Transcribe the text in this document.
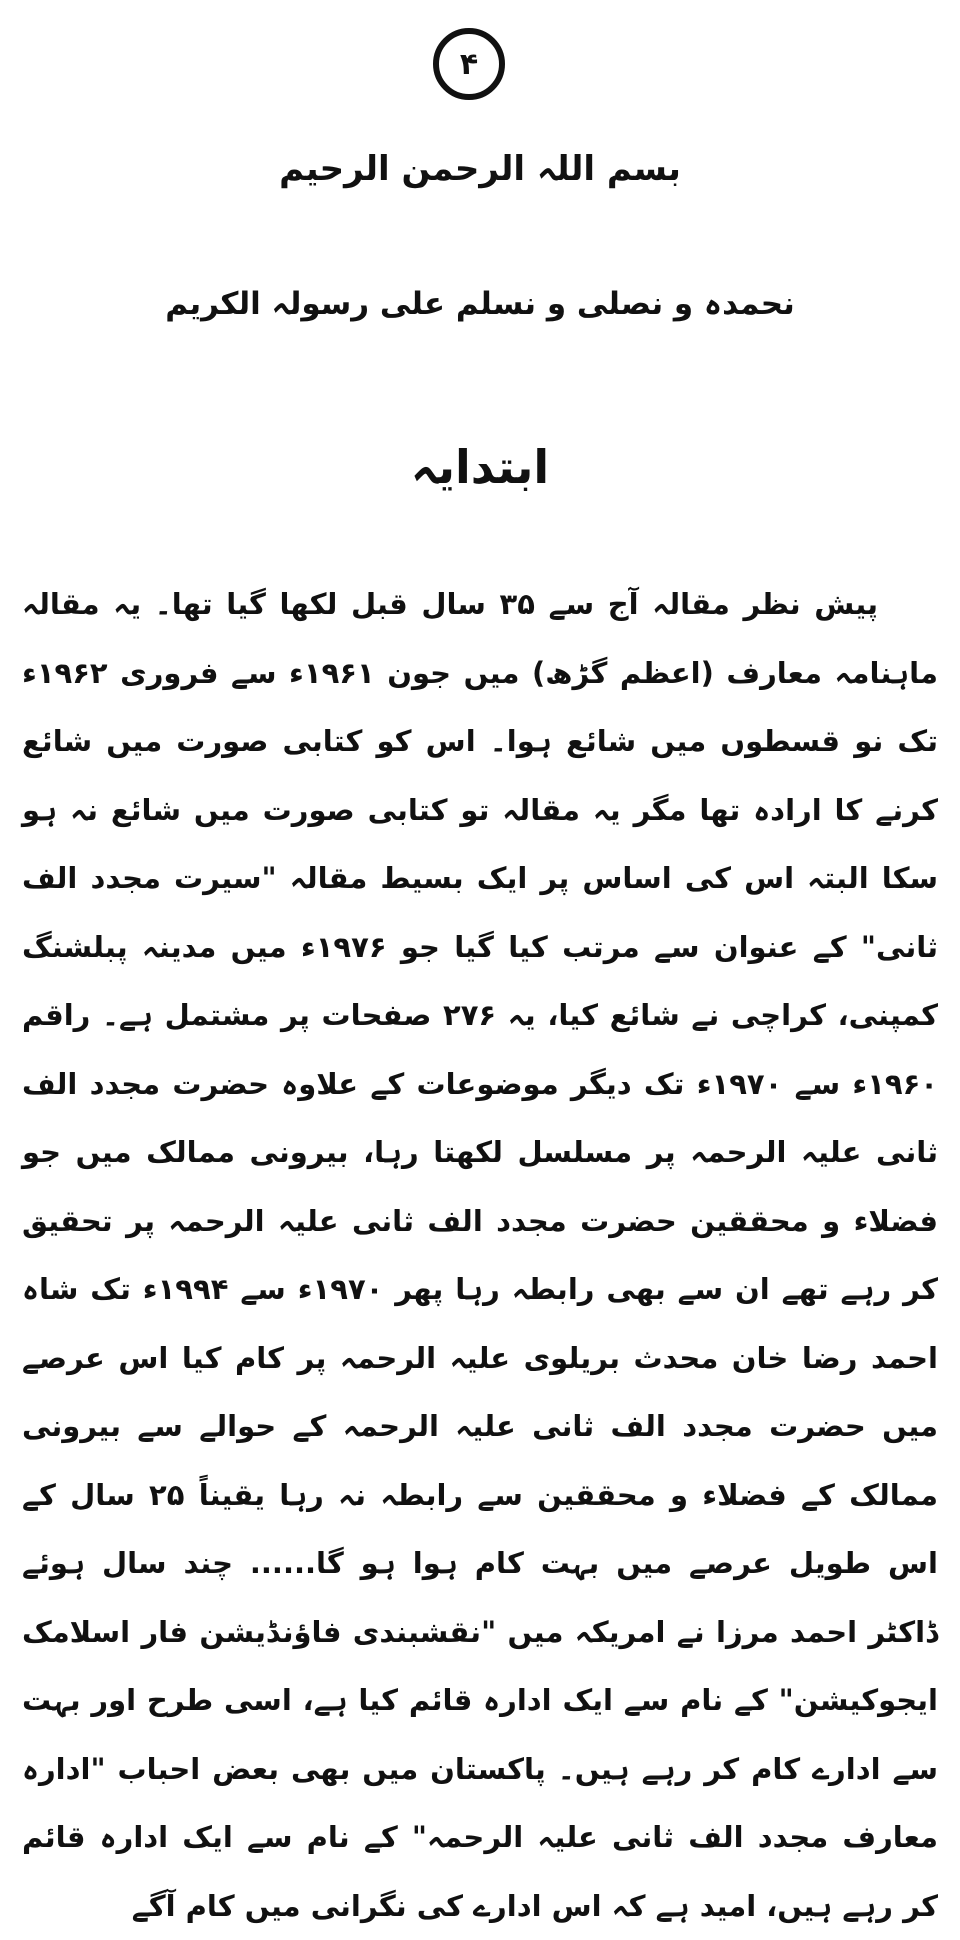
۴
بسم اللہ الرحمن الرحیم
نحمدہ و نصلی و نسلم علی رسولہ الکریم
ابتدایہ

پیش نظر مقالہ آج سے ۳۵ سال قبل لکھا گیا تھا۔ یہ مقالہ ماہنامہ معارف (اعظم گڑھ) میں جون ۱۹۶۱ء سے فروری ۱۹۶۲ء تک نو قسطوں میں شائع ہوا۔ اس کو کتابی صورت میں شائع کرنے کا ارادہ تھا مگر یہ مقالہ تو کتابی صورت میں شائع نہ ہو سکا البتہ اس کی اساس پر ایک بسیط مقالہ "سیرت مجدد الف ثانی" کے عنوان سے مرتب کیا گیا جو ۱۹۷۶ء میں مدینہ پبلشنگ کمپنی، کراچی نے شائع کیا، یہ ۲۷۶ صفحات پر مشتمل ہے۔ راقم ۱۹۶۰ء سے ۱۹۷۰ء تک دیگر موضوعات کے علاوہ حضرت مجدد الف ثانی علیہ الرحمہ پر مسلسل لکھتا رہا، بیرونی ممالک میں جو فضلاء و محققین حضرت مجدد الف ثانی علیہ الرحمہ پر تحقیق کر رہے تھے ان سے بھی رابطہ رہا پھر ۱۹۷۰ء سے ۱۹۹۴ء تک شاہ احمد رضا خان محدث بریلوی علیہ الرحمہ پر کام کیا اس عرصے میں حضرت مجدد الف ثانی علیہ الرحمہ کے حوالے سے بیرونی ممالک کے فضلاء و محققین سے رابطہ نہ رہا یقیناً ۲۵ سال کے اس طویل عرصے میں بہت کام ہوا ہو گا...... چند سال ہوئے ڈاکٹر احمد مرزا نے امریکہ میں "نقشبندی فاؤنڈیشن فار اسلامک ایجوکیشن" کے نام سے ایک ادارہ قائم کیا ہے، اسی طرح اور بہت سے ادارے کام کر رہے ہیں۔ پاکستان میں بھی بعض احباب "ادارہ معارف مجدد الف ثانی علیہ الرحمہ" کے نام سے ایک ادارہ قائم کر رہے ہیں، امید ہے کہ اس ادارے کی نگرانی میں کام آگے
